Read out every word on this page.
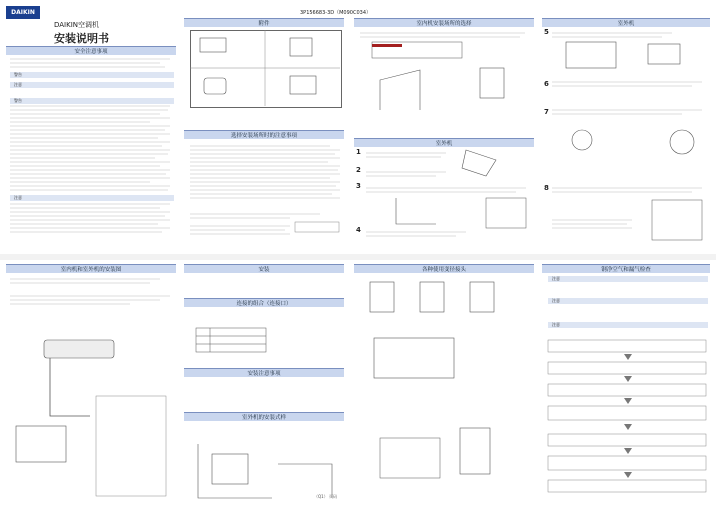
3P156683-3D（M090C034）
DAIKIN
DAIKIN空调机
安装说明书
安全注意事项
警告
注意
警告
注意
附件
选择安装场所时的注意事项
室内机安装场所的选择
室外机
1
2
3
4
室外机
5
6
7
8
室内机和室外机的安装图	安装
连接的组合（连接口）
安装注意事项
室外机的安装式样
（Q1） 页码
各种使用变径接头	钢净空气和漏气检查
注意
注意
注意
